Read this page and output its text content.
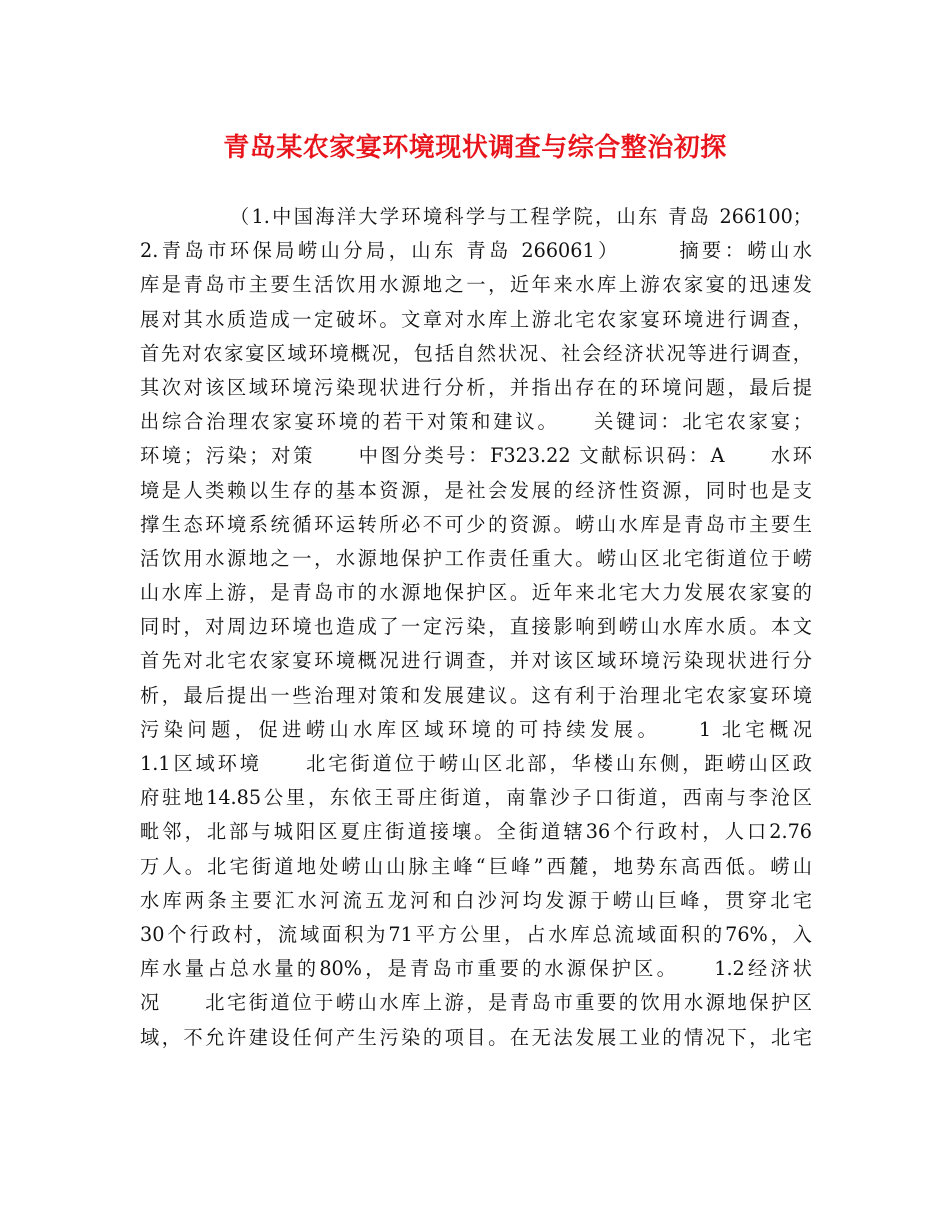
青岛某农家宴环境现状调查与综合整治初探
（1.中国海洋大学环境科学与工程学院，山东 青岛 266100；
2.青岛市环保局崂山分局，山东 青岛 266061）　　　摘要：崂山水
库是青岛市主要生活饮用水源地之一，近年来水库上游农家宴的迅速发
展对其水质造成一定破坏。文章对水库上游北宅农家宴环境进行调查，
首先对农家宴区域环境概况，包括自然状况、社会经济状况等进行调查，
其次对该区域环境污染现状进行分析，并指出存在的环境问题，最后提
出综合治理农家宴环境的若干对策和建议。　　关键词：北宅农家宴；
环境；污染；对策　　中图分类号：F323.22 文献标识码：A　　水环
境是人类赖以生存的基本资源，是社会发展的经济性资源，同时也是支
撑生态环境系统循环运转所必不可少的资源。崂山水库是青岛市主要生
活饮用水源地之一，水源地保护工作责任重大。崂山区北宅街道位于崂
山水库上游，是青岛市的水源地保护区。近年来北宅大力发展农家宴的
同时，对周边环境也造成了一定污染，直接影响到崂山水库水质。本文
首先对北宅农家宴环境概况进行调查，并对该区域环境污染现状进行分
析，最后提出一些治理对策和发展建议。这有利于治理北宅农家宴环境
污染问题，促进崂山水库区域环境的可持续发展。　　1 北宅概况
1.1区域环境　　北宅街道位于崂山区北部，华楼山东侧，距崂山区政
府驻地14.85公里，东依王哥庄街道，南靠沙子口街道，西南与李沧区
毗邻，北部与城阳区夏庄街道接壤。全街道辖36个行政村，人口2.76
万人。北宅街道地处崂山山脉主峰“巨峰”西麓，地势东高西低。崂山
水库两条主要汇水河流五龙河和白沙河均发源于崂山巨峰，贯穿北宅
30个行政村，流域面积为71平方公里，占水库总流域面积的76%，入
库水量占总水量的80%，是青岛市重要的水源保护区。　　1.2经济状
况　　北宅街道位于崂山水库上游，是青岛市重要的饮用水源地保护区
域，不允许建设任何产生污染的项目。在无法发展工业的情况下，北宅
